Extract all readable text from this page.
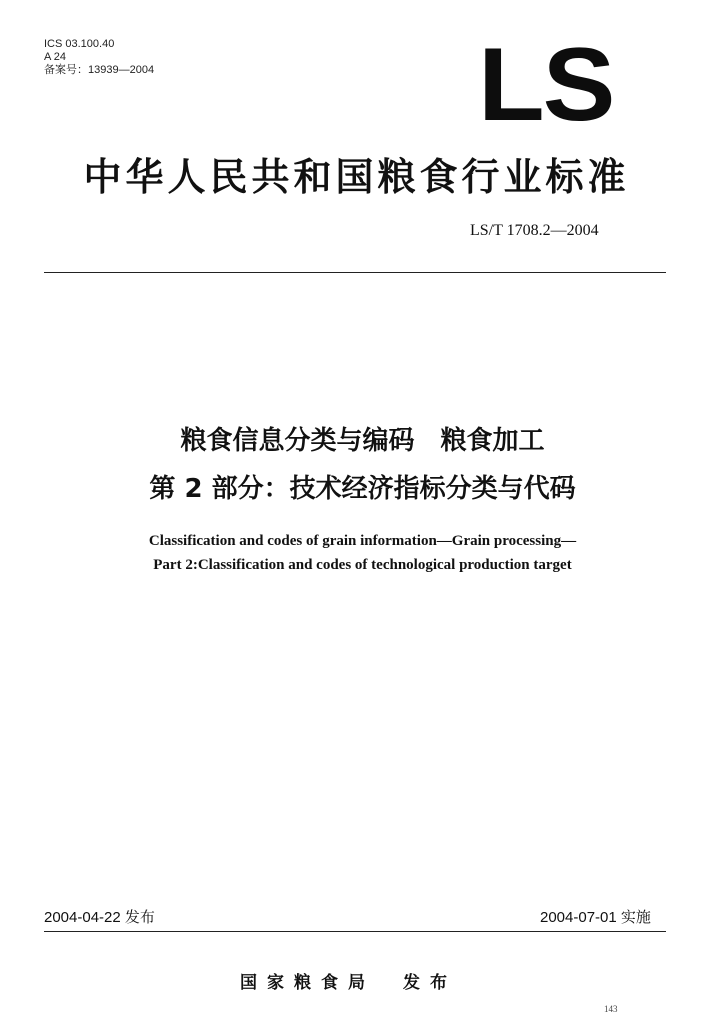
ICS 03.100.40
A 24
备案号：13939—2004	LS
中华人民共和国粮食行业标准
LS/T 1708.2—2004
粮食信息分类与编码　粮食加工
第 2 部分：技术经济指标分类与代码
Classification and codes of grain information—Grain processing—
Part 2:Classification and codes of technological production target
2004-04-22 发布	2004-07-01 实施
国家粮食局 发布
143
